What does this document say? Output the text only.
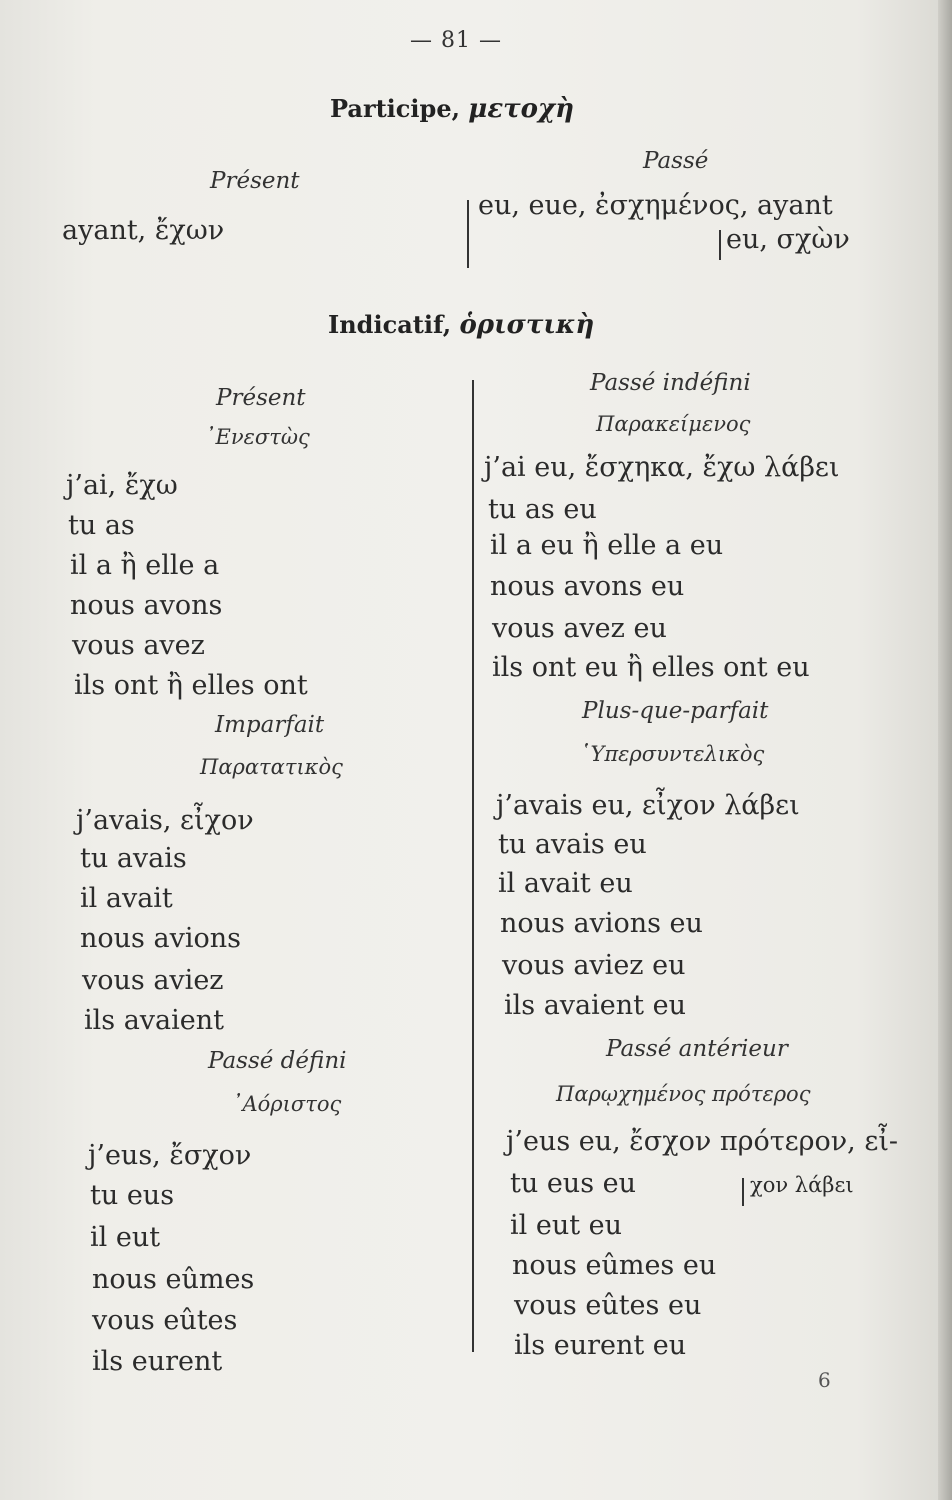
— 81 —
Participe, μετοχὴ
Présent
ayant, ἔχων
Passé
eu, eue, ἐσχημένος, ayant
eu, σχὼν
Indicatif, ὁριστικὴ
Présent
᾿Ενεστὼς
j’ai, ἔχω
tu as
il a ἢ elle a
nous avons
vous avez
ils ont ἢ elles ont
Imparfait
Παρατατικὸς
j’avais, εἶχον
tu avais
il avait
nous avions
vous aviez
ils avaient
Passé défini
᾿Αόριστος
j’eus, ἔσχον
tu eus
il eut
nous eûmes
vous eûtes
ils eurent
Passé indéfini
Παρακείμενος
j’ai eu, ἔσχηκα, ἔχω λάβει
tu as eu
il a eu ἢ elle a eu
nous avons eu
vous avez eu
ils ont eu ἢ elles ont eu
Plus-que-parfait
῾Υπερσυντελικὸς
j’avais eu, εἶχον λάβει
tu avais eu
il avait eu
nous avions eu
vous aviez eu
ils avaient eu
Passé antérieur
Παρῳχημένος πρότερος
j’eus eu, ἔσχον πρότερον, εἶ-
tu eus eu	χον λάβει
il eut eu
nous eûmes eu
vous eûtes eu
ils eurent eu
6
